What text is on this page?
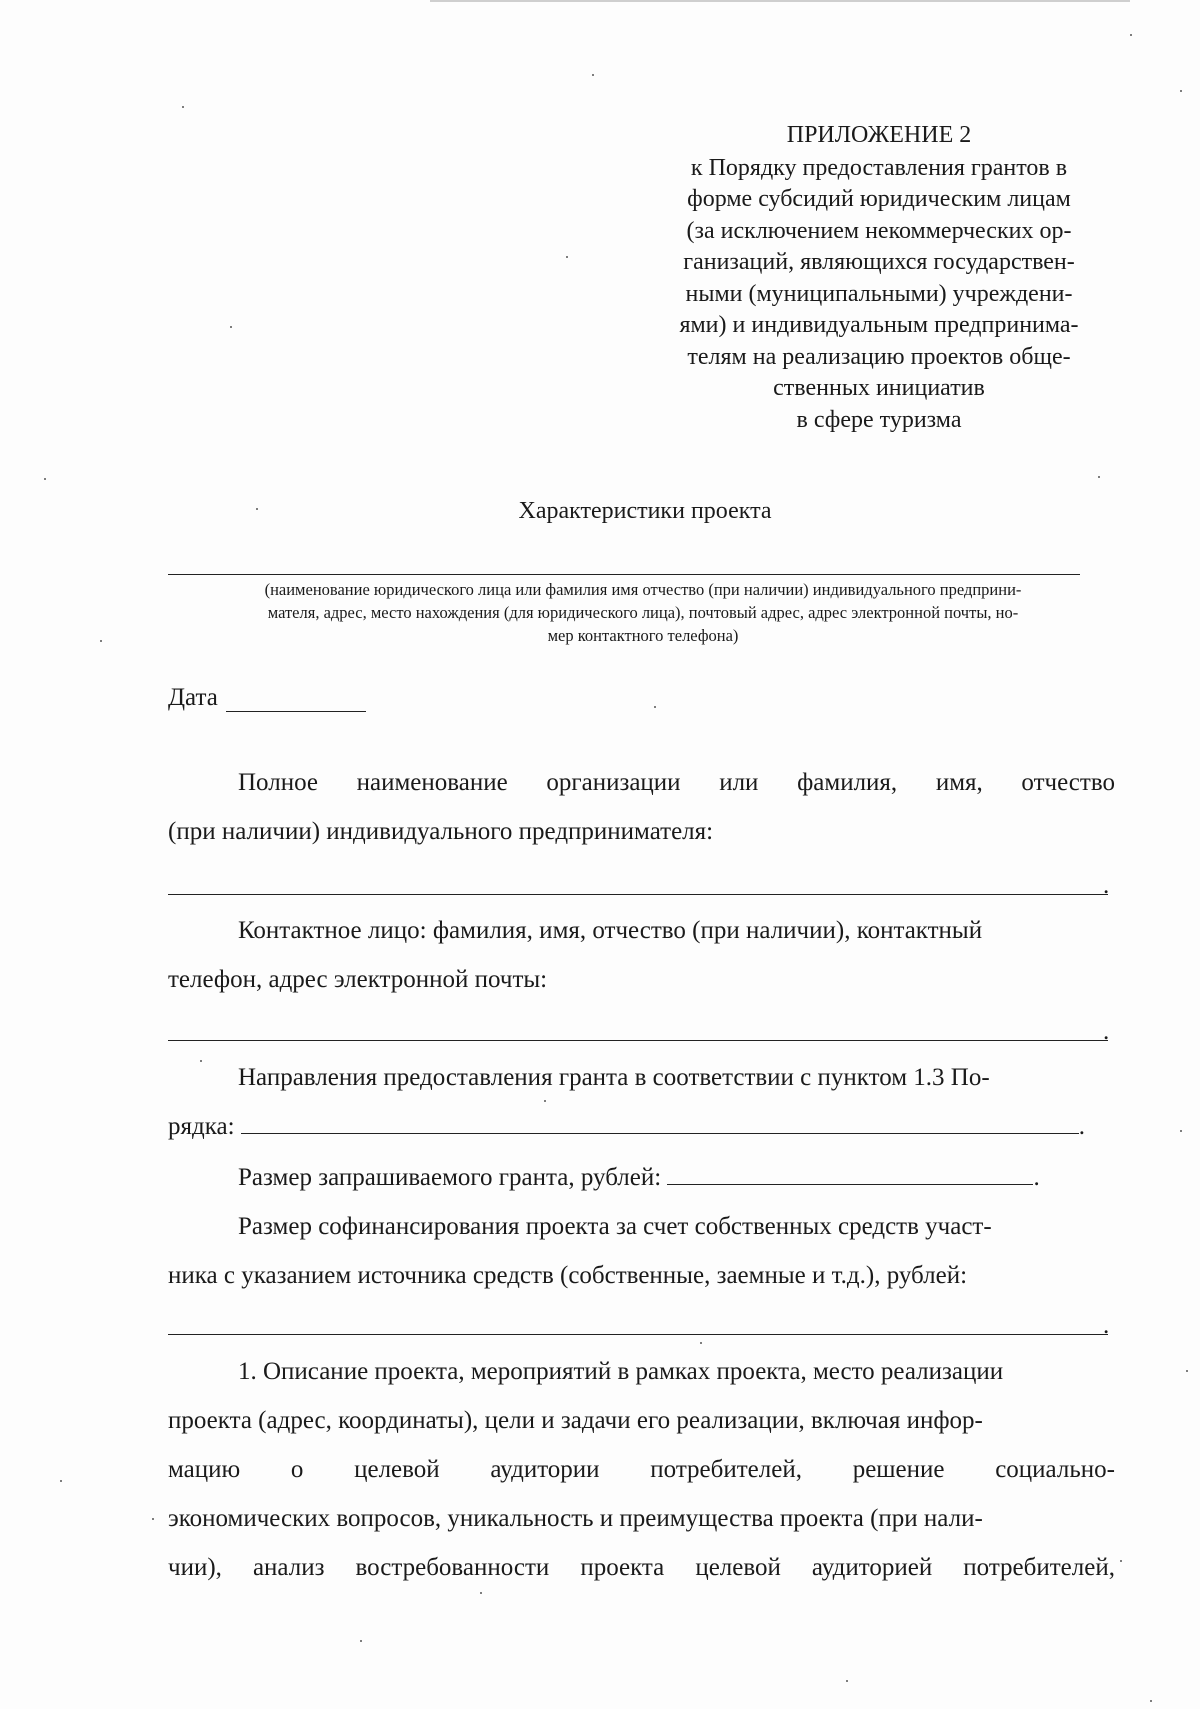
ПРИЛОЖЕНИЕ 2
к Порядку предоставления грантов в
форме субсидий юридическим лицам
(за исключением некоммерческих ор-
ганизаций, являющихся государствен-
ными (муниципальными) учреждени-
ями) и индивидуальным предпринима-
телям на реализацию проектов обще-
ственных инициатив
в сфере туризма
Характеристики проекта
(наименование юридического лица или фамилия имя отчество (при наличии) индивидуального предприни-
мателя, адрес, место нахождения (для юридического лица), почтовый адрес, адрес электронной почты, но-
мер контактного телефона)
Дата
Полное наименование организации или фамилия, имя, отчество
(при наличии) индивидуального предпринимателя:
.
Контактное лицо: фамилия, имя, отчество (при наличии), контактный
телефон, адрес электронной почты:
.
Направления предоставления гранта в соответствии с пунктом 1.3 По-
рядка:	.
Размер запрашиваемого гранта, рублей:	.
Размер софинансирования проекта за счет собственных средств участ-
ника с указанием источника средств (собственные, заемные и т.д.), рублей:
.
1. Описание проекта, мероприятий в рамках проекта, место реализации
проекта (адрес, координаты), цели и задачи его реализации, включая инфор-
мацию о целевой аудитории потребителей, решение социально-
экономических вопросов, уникальность и преимущества проекта (при нали-
чии), анализ востребованности проекта целевой аудиторией потребителей,
